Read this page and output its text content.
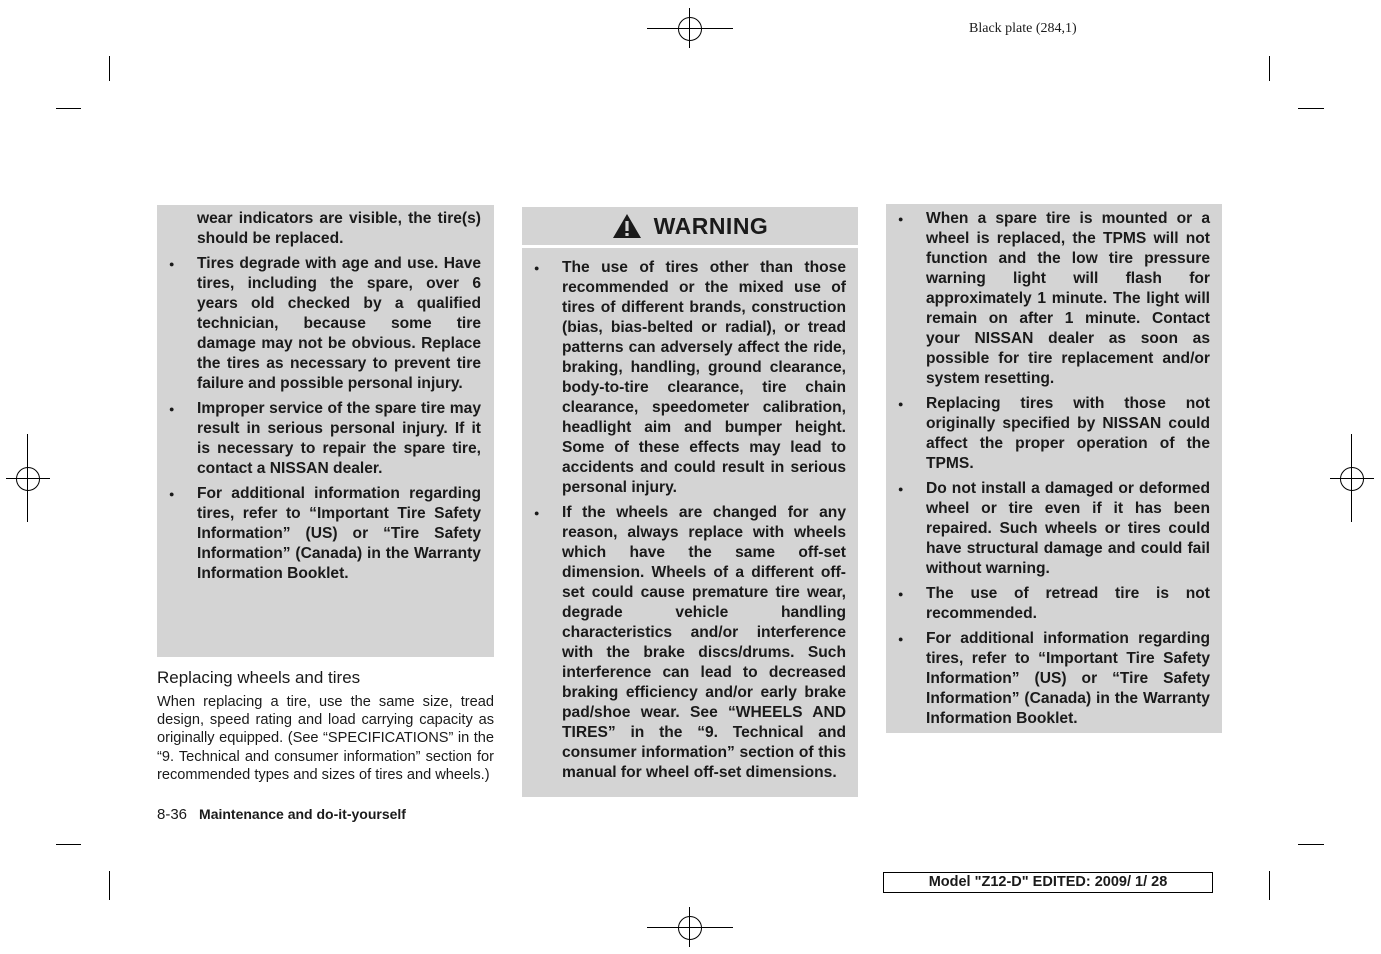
Black plate (284,1)
wear indicators are visible, the tire(s) should be replaced.
● Tires degrade with age and use. Have tires, including the spare, over 6 years old checked by a qualified technician, because some tire damage may not be obvious. Replace the tires as necessary to prevent tire failure and possible personal injury.
● Improper service of the spare tire may result in serious personal injury. If it is necessary to repair the spare tire, contact a NISSAN dealer.
● For additional information regarding tires, refer to “Important Tire Safety Information” (US) or “Tire Safety Information” (Canada) in the Warranty Information Booklet.
Replacing wheels and tires
When replacing a tire, use the same size, tread design, speed rating and load carrying capacity as originally equipped. (See “SPECIFICATIONS” in the “9. Technical and consumer information” section for recommended types and sizes of tires and wheels.)
8-36 Maintenance and do-it-yourself
WARNING
● The use of tires other than those recommended or the mixed use of tires of different brands, construction (bias, bias-belted or radial), or tread patterns can adversely affect the ride, braking, handling, ground clearance, body-to-tire clearance, tire chain clearance, speedometer calibration, headlight aim and bumper height. Some of these effects may lead to accidents and could result in serious personal injury.
● If the wheels are changed for any reason, always replace with wheels which have the same off-set dimension. Wheels of a different off-set could cause premature tire wear, degrade vehicle handling characteristics and/or interference with the brake discs/drums. Such interference can lead to decreased braking efficiency and/or early brake pad/shoe wear. See “WHEELS AND TIRES” in the “9. Technical and consumer information” section of this manual for wheel off-set dimensions.
● When a spare tire is mounted or a wheel is replaced, the TPMS will not function and the low tire pressure warning light will flash for approximately 1 minute. The light will remain on after 1 minute. Contact your NISSAN dealer as soon as possible for tire replacement and/or system resetting.
● Replacing tires with those not originally specified by NISSAN could affect the proper operation of the TPMS.
● Do not install a damaged or deformed wheel or tire even if it has been repaired. Such wheels or tires could have structural damage and could fail without warning.
● The use of retread tire is not recommended.
● For additional information regarding tires, refer to “Important Tire Safety Information” (US) or “Tire Safety Information” (Canada) in the Warranty Information Booklet.
Model "Z12-D" EDITED: 2009/ 1/ 28
